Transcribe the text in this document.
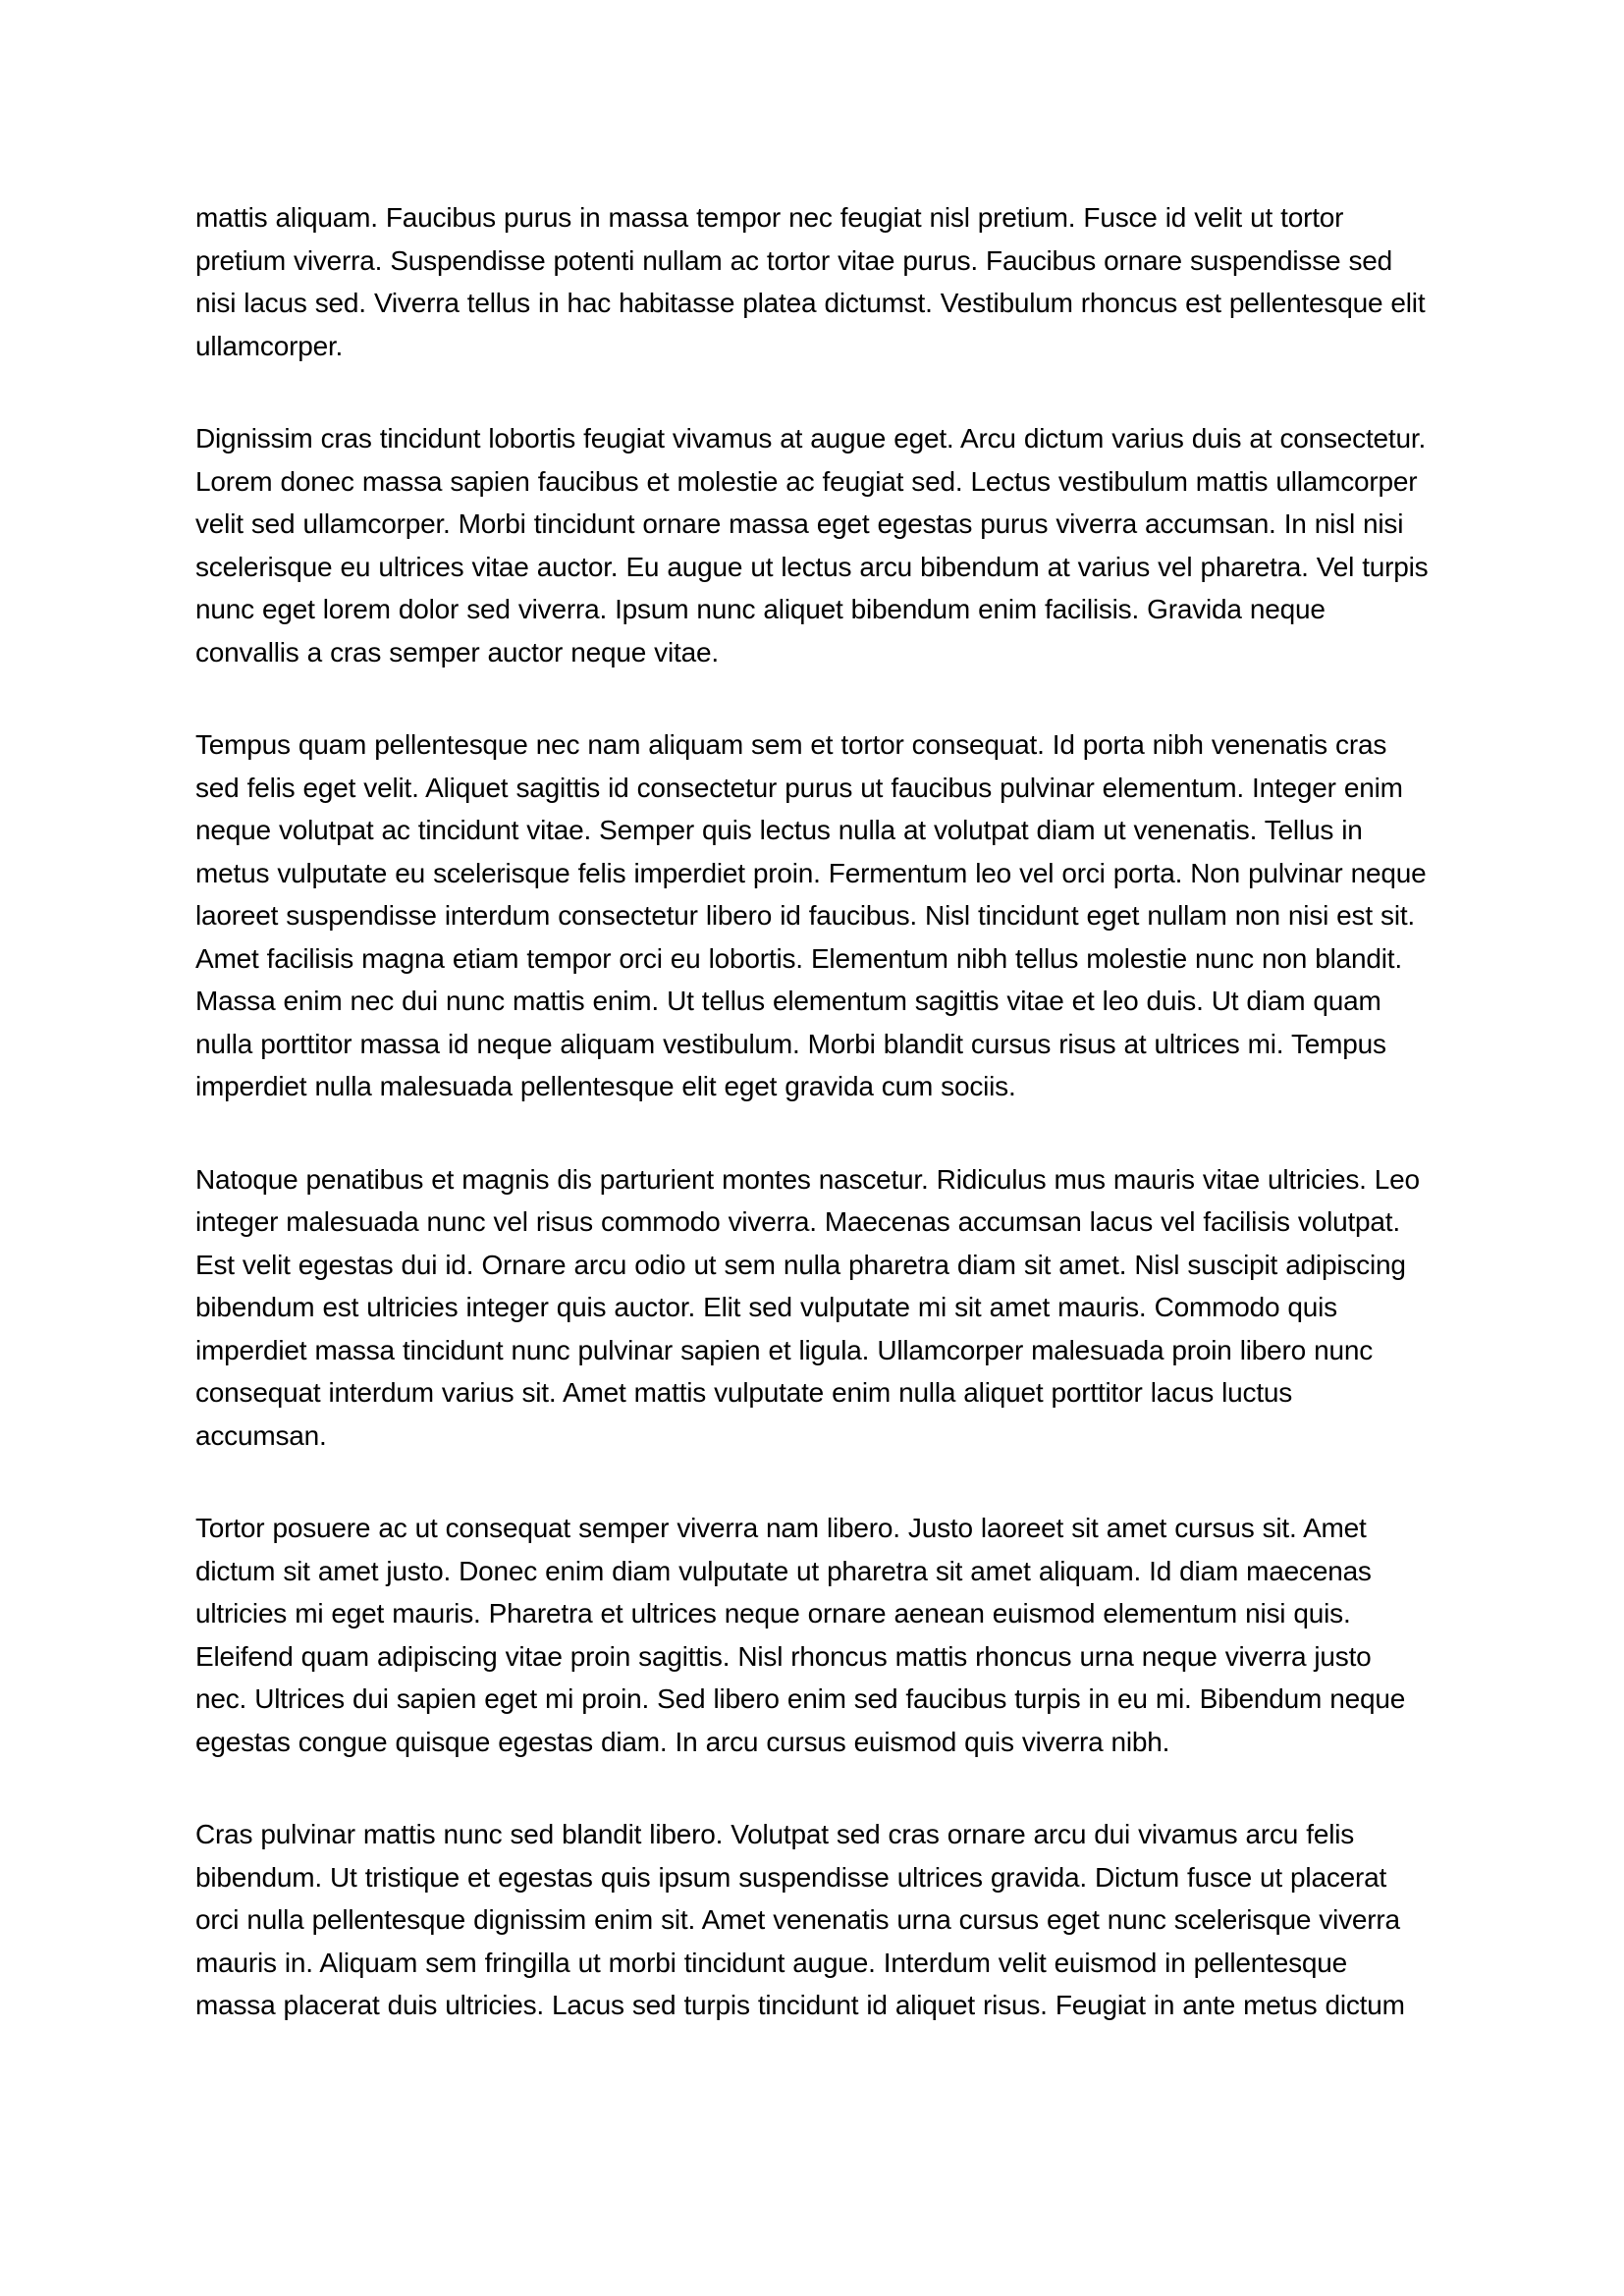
mattis aliquam. Faucibus purus in massa tempor nec feugiat nisl pretium. Fusce id velit ut tortor pretium viverra. Suspendisse potenti nullam ac tortor vitae purus. Faucibus ornare suspendisse sed nisi lacus sed. Viverra tellus in hac habitasse platea dictumst. Vestibulum rhoncus est pellentesque elit ullamcorper.

Dignissim cras tincidunt lobortis feugiat vivamus at augue eget. Arcu dictum varius duis at consectetur. Lorem donec massa sapien faucibus et molestie ac feugiat sed. Lectus vestibulum mattis ullamcorper velit sed ullamcorper. Morbi tincidunt ornare massa eget egestas purus viverra accumsan. In nisl nisi scelerisque eu ultrices vitae auctor. Eu augue ut lectus arcu bibendum at varius vel pharetra. Vel turpis nunc eget lorem dolor sed viverra. Ipsum nunc aliquet bibendum enim facilisis. Gravida neque convallis a cras semper auctor neque vitae.

Tempus quam pellentesque nec nam aliquam sem et tortor consequat. Id porta nibh venenatis cras sed felis eget velit. Aliquet sagittis id consectetur purus ut faucibus pulvinar elementum. Integer enim neque volutpat ac tincidunt vitae. Semper quis lectus nulla at volutpat diam ut venenatis. Tellus in metus vulputate eu scelerisque felis imperdiet proin. Fermentum leo vel orci porta. Non pulvinar neque laoreet suspendisse interdum consectetur libero id faucibus. Nisl tincidunt eget nullam non nisi est sit. Amet facilisis magna etiam tempor orci eu lobortis. Elementum nibh tellus molestie nunc non blandit. Massa enim nec dui nunc mattis enim. Ut tellus elementum sagittis vitae et leo duis. Ut diam quam nulla porttitor massa id neque aliquam vestibulum. Morbi blandit cursus risus at ultrices mi. Tempus imperdiet nulla malesuada pellentesque elit eget gravida cum sociis.

Natoque penatibus et magnis dis parturient montes nascetur. Ridiculus mus mauris vitae ultricies. Leo integer malesuada nunc vel risus commodo viverra. Maecenas accumsan lacus vel facilisis volutpat. Est velit egestas dui id. Ornare arcu odio ut sem nulla pharetra diam sit amet. Nisl suscipit adipiscing bibendum est ultricies integer quis auctor. Elit sed vulputate mi sit amet mauris. Commodo quis imperdiet massa tincidunt nunc pulvinar sapien et ligula. Ullamcorper malesuada proin libero nunc consequat interdum varius sit. Amet mattis vulputate enim nulla aliquet porttitor lacus luctus accumsan.

Tortor posuere ac ut consequat semper viverra nam libero. Justo laoreet sit amet cursus sit. Amet dictum sit amet justo. Donec enim diam vulputate ut pharetra sit amet aliquam. Id diam maecenas ultricies mi eget mauris. Pharetra et ultrices neque ornare aenean euismod elementum nisi quis. Eleifend quam adipiscing vitae proin sagittis. Nisl rhoncus mattis rhoncus urna neque viverra justo nec. Ultrices dui sapien eget mi proin. Sed libero enim sed faucibus turpis in eu mi. Bibendum neque egestas congue quisque egestas diam. In arcu cursus euismod quis viverra nibh.

Cras pulvinar mattis nunc sed blandit libero. Volutpat sed cras ornare arcu dui vivamus arcu felis bibendum. Ut tristique et egestas quis ipsum suspendisse ultrices gravida. Dictum fusce ut placerat orci nulla pellentesque dignissim enim sit. Amet venenatis urna cursus eget nunc scelerisque viverra mauris in. Aliquam sem fringilla ut morbi tincidunt augue. Interdum velit euismod in pellentesque massa placerat duis ultricies. Lacus sed turpis tincidunt id aliquet risus. Feugiat in ante metus dictum
